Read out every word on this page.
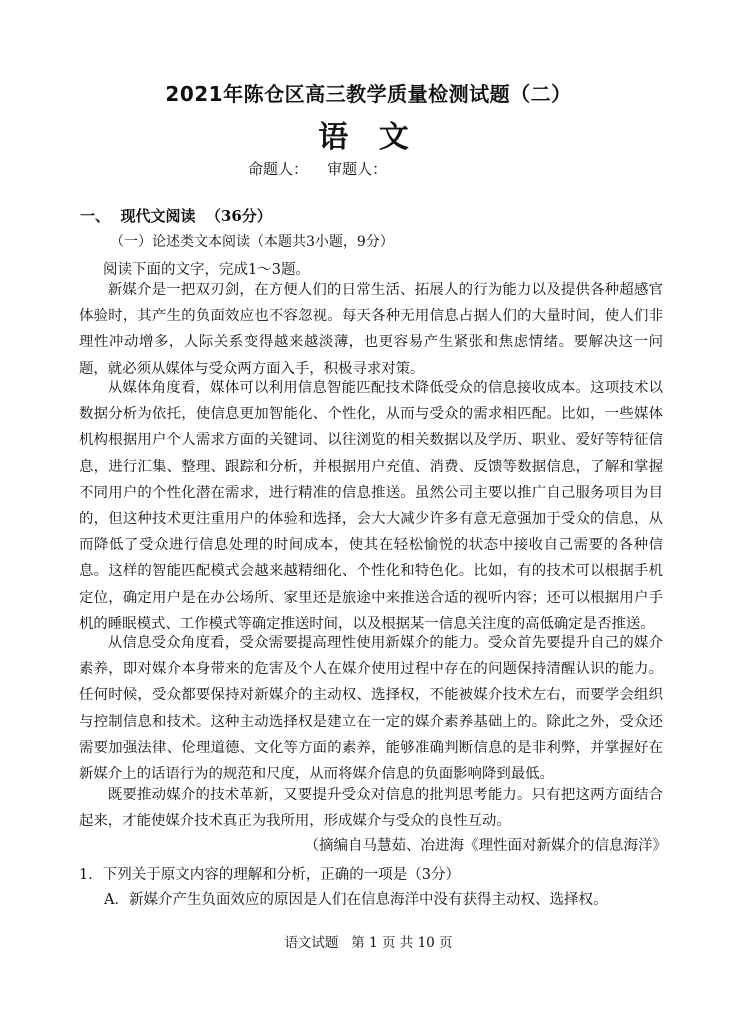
2021年陈仓区高三教学质量检测试题（二）
语 文
命题人：    审题人：
一、  现代文阅读  （36分）
（一）论述类文本阅读（本题共3小题，9分）
阅读下面的文字，完成1～3题。

新媒介是一把双刃剑，在方便人们的日常生活、拓展人的行为能力以及提供各种超感官体验时，其产生的负面效应也不容忽视。每天各种无用信息占据人们的大量时间，使人们非理性冲动增多，人际关系变得越来越淡薄，也更容易产生紧张和焦虑情绪。要解决这一问题，就必须从媒体与受众两方面入手，积极寻求对策。

从媒体角度看，媒体可以利用信息智能匹配技术降低受众的信息接收成本。这项技术以数据分析为依托，使信息更加智能化、个性化，从而与受众的需求相匹配。比如，一些媒体机构根据用户个人需求方面的关键词、以往浏览的相关数据以及学历、职业、爱好等特征信息，进行汇集、整理、跟踪和分析，并根据用户充值、消费、反馈等数据信息，了解和掌握不同用户的个性化潜在需求，进行精准的信息推送。虽然公司主要以推广自己服务项目为目的，但这种技术更注重用户的体验和选择，会大大减少许多有意无意强加于受众的信息，从而降低了受众进行信息处理的时间成本，使其在轻松愉悦的状态中接收自己需要的各种信息。这样的智能匹配模式会越来越精细化、个性化和特色化。比如，有的技术可以根据手机定位，确定用户是在办公场所、家里还是旅途中来推送合适的视听内容；还可以根据用户手机的睡眠模式、工作模式等确定推送时间，以及根据某一信息关注度的高低确定是否推送。

从信息受众角度看，受众需要提高理性使用新媒介的能力。受众首先要提升自己的媒介素养，即对媒介本身带来的危害及个人在媒介使用过程中存在的问题保持清醒认识的能力。任何时候，受众都要保持对新媒介的主动权、选择权，不能被媒介技术左右，而要学会组织与控制信息和技术。这种主动选择权是建立在一定的媒介素养基础上的。除此之外，受众还需要加强法律、伦理道德、文化等方面的素养，能够准确判断信息的是非利弊，并掌握好在新媒介上的话语行为的规范和尺度，从而将媒介信息的负面影响降到最低。

既要推动媒介的技术革新，又要提升受众对信息的批判思考能力。只有把这两方面结合起来，才能使媒介技术真正为我所用，形成媒介与受众的良性互动。

（摘编自马慧茹、冶进海《理性面对新媒介的信息海洋》
1．下列关于原文内容的理解和分析，正确的一项是（3分）
A．新媒介产生负面效应的原因是人们在信息海洋中没有获得主动权、选择权。
语文试题   第 1 页 共 10 页
